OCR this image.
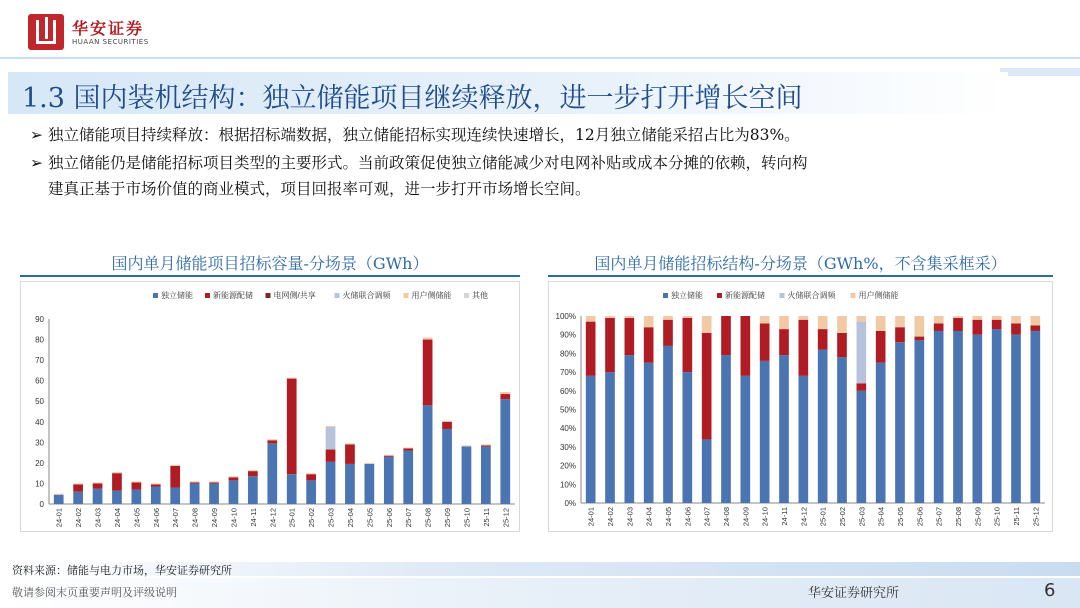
华安证券
HUAAN SECURITIES
1.3 国内装机结构：独立储能项目继续释放，进一步打开增长空间
➢ 独立储能项目持续释放：根据招标端数据，独立储能招标实现连续快速增长，12月独立储能采招占比为83%。
➢ 独立储能仍是储能招标项目类型的主要形式。当前政策促使独立储能减少对电网补贴或成本分摊的依赖，转向构
建真正基于市场价值的商业模式，项目回报率可观，进一步打开市场增长空间。
国内单月储能项目招标容量-分场景（GWh）
独立储能	新能源配储	电网侧/共享	火储联合调频	用户侧储能	其他
0
10
20
30
40
50
60
70
80
90
24-01 24-02 24-03 24-04 24-05 24-06 24-07 24-08 24-09 24-10 24-11 24-12 25-01 25-02 25-03 25-04 25-05 25-06 25-07 25-08 25-09 25-10 25-11 25-12
国内单月储能招标结构-分场景（GWh%，不含集采框采）
独立储能	新能源配储	火储联合调频	用户侧储能
0%
10%
20%
30%
40%
50%
60%
70%
80%
90%
100%
24-01 24-02 24-03 24-04 24-05 24-06 24-07 24-08 24-09 24-10 24-11 24-12 25-01 25-02 25-03 25-04 25-05 25-06 25-07 25-08 25-09 25-10 25-11 25-12
资料来源：储能与电力市场，华安证券研究所
敬请参阅末页重要声明及评级说明	华安证券研究所	6
